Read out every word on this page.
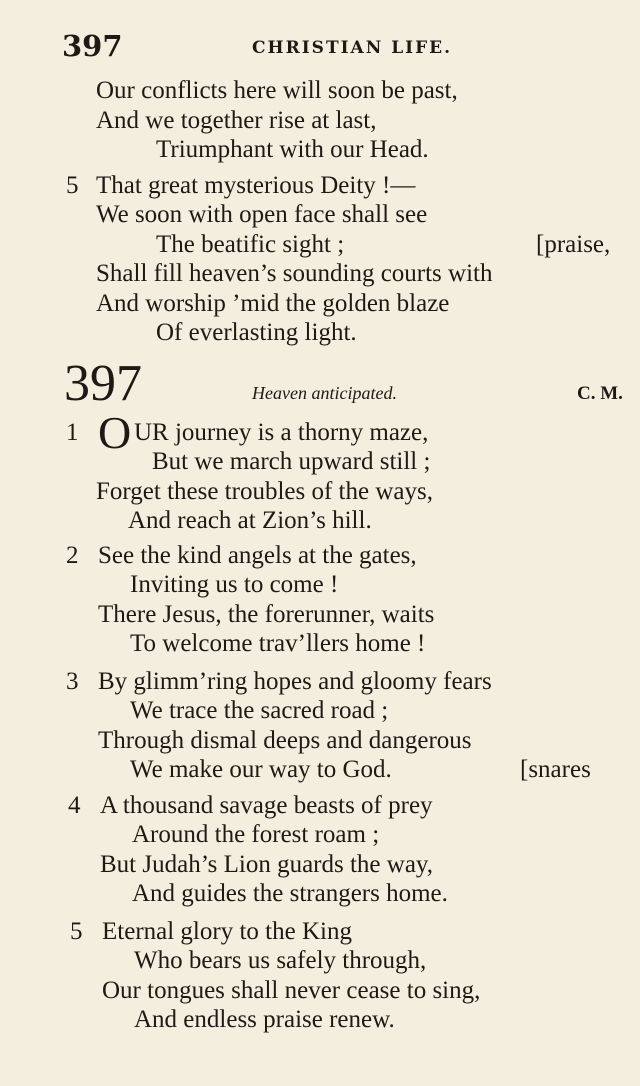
397	CHRISTIAN LIFE.
Our conflicts here will soon be past,
And we together rise at last,
Triumphant with our Head.
5 That great mysterious Deity !—
We soon with open face shall see
The beatific sight ;	[praise,
Shall fill heaven’s sounding courts with
And worship ’mid the golden blaze
Of everlasting light.
397	Heaven anticipated.	C. M.
1 O UR journey is a thorny maze,
But we march upward still ;
Forget these troubles of the ways,
And reach at Zion’s hill.
2 See the kind angels at the gates,
Inviting us to come !
There Jesus, the forerunner, waits
To welcome trav’llers home !
3 By glimm’ring hopes and gloomy fears
We trace the sacred road ;
Through dismal deeps and dangerous
We make our way to God.	[snares
4 A thousand savage beasts of prey
Around the forest roam ;
But Judah’s Lion guards the way,
And guides the strangers home.
5 Eternal glory to the King
Who bears us safely through,
Our tongues shall never cease to sing,
And endless praise renew.
